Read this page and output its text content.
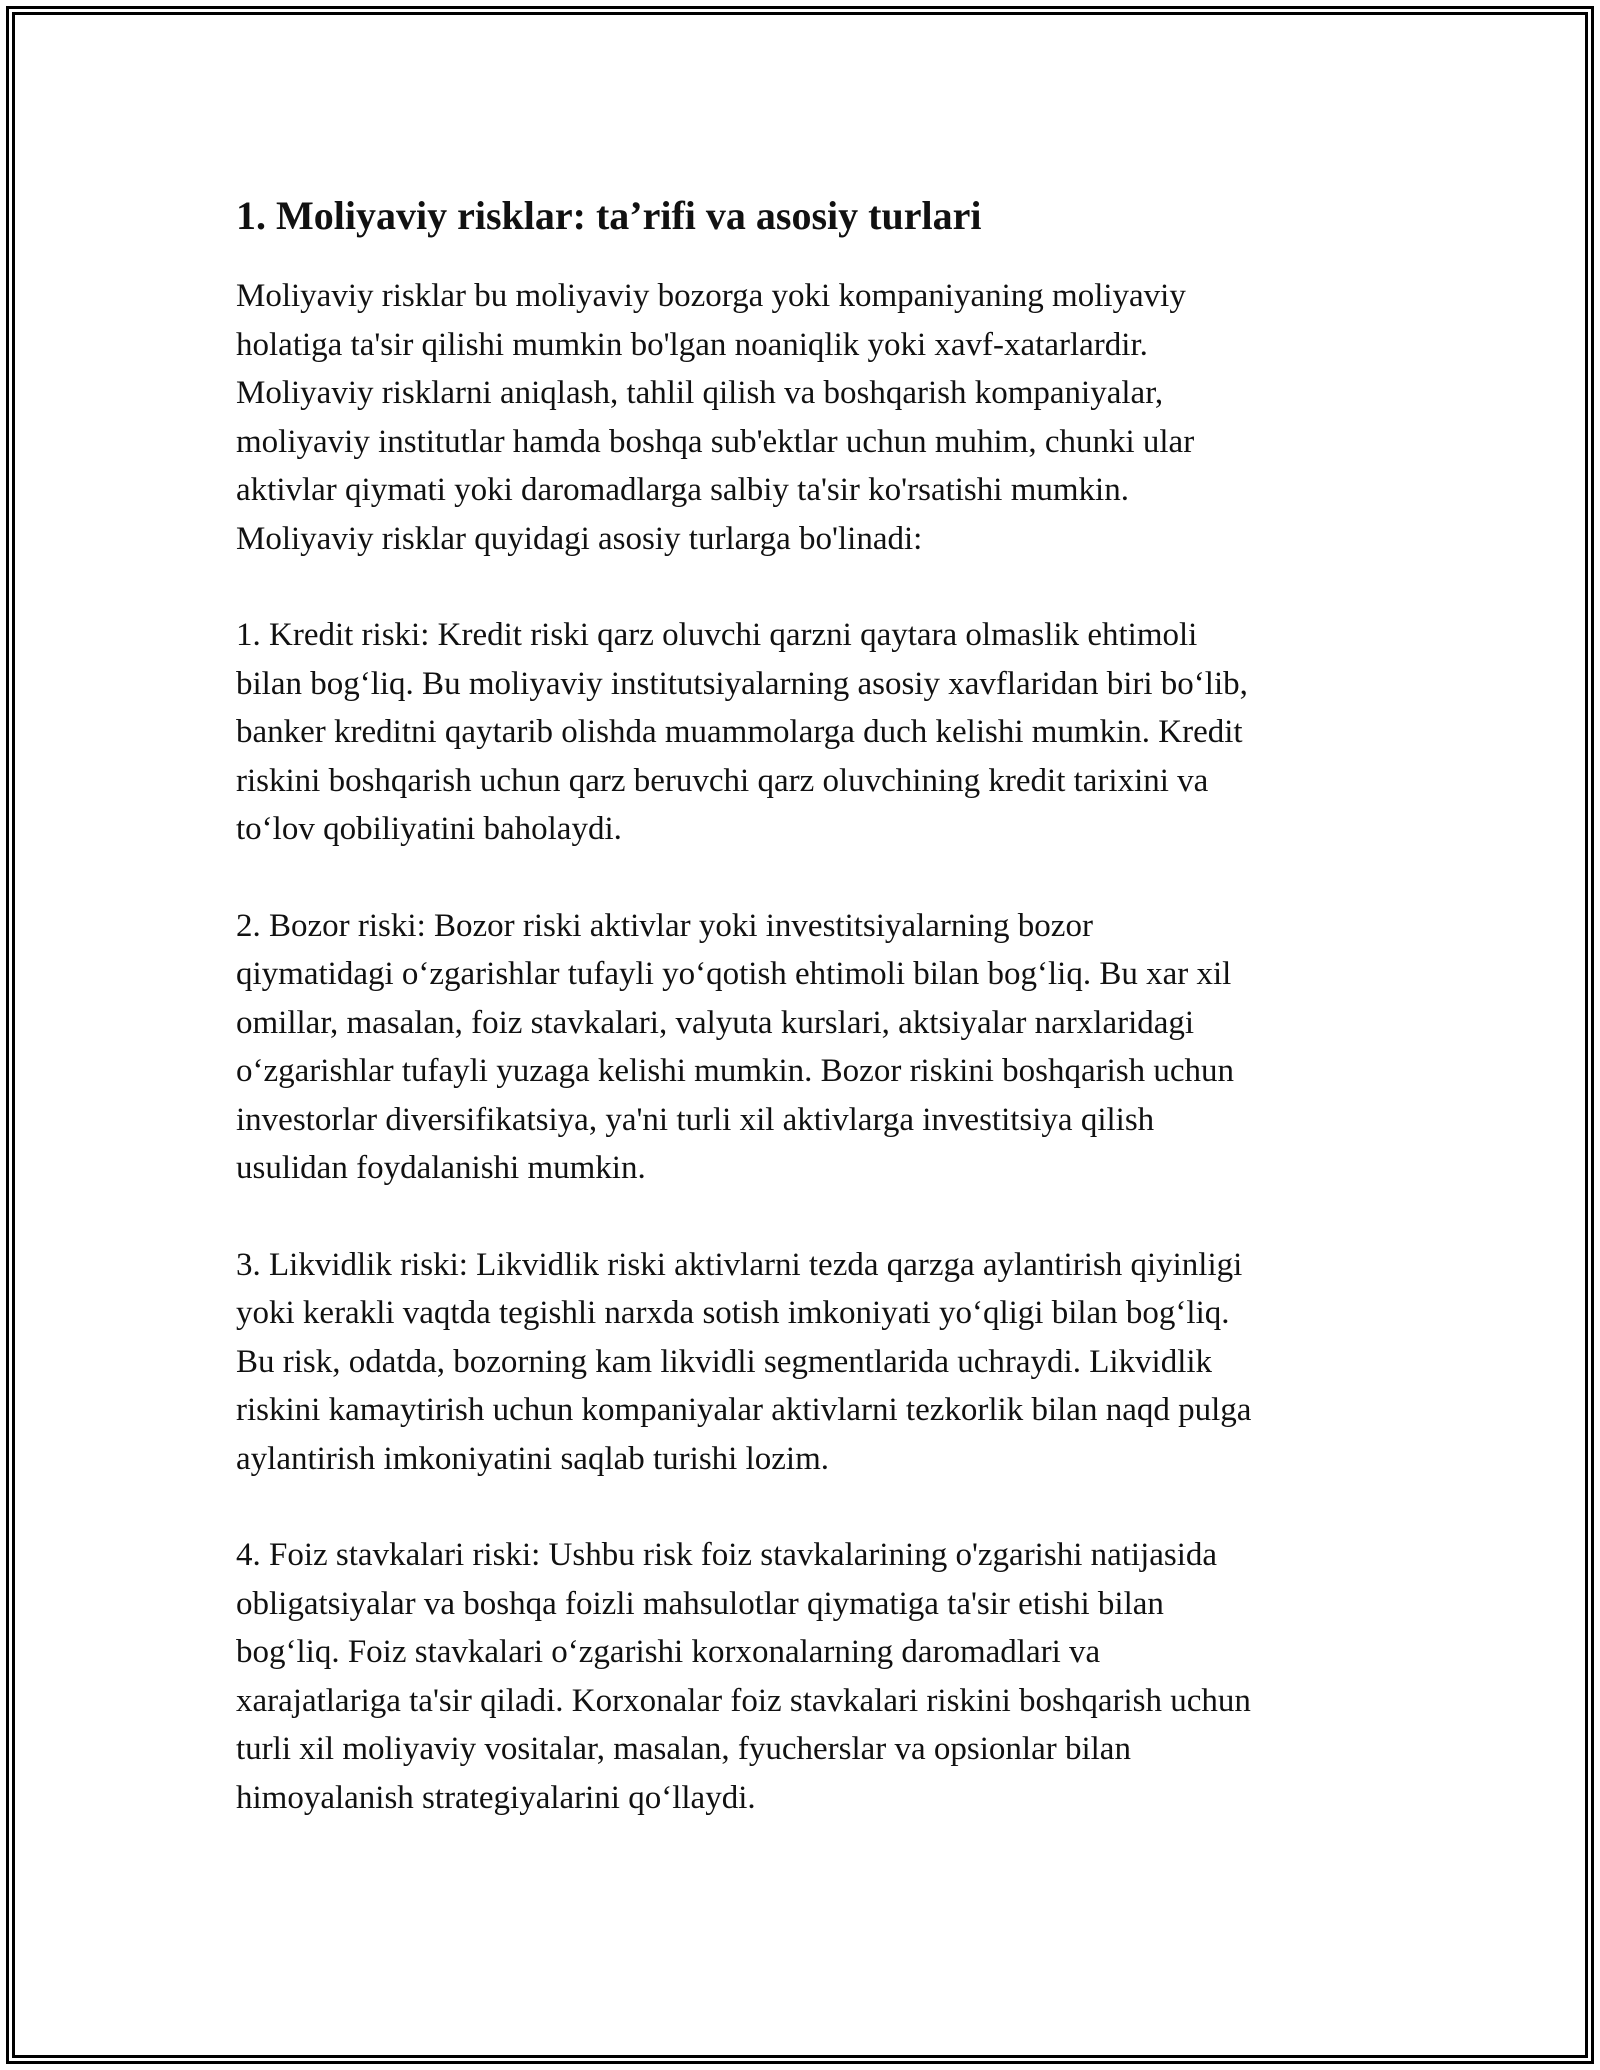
1. Moliyaviy risklar: ta’rifi va asosiy turlari

Moliyaviy risklar bu moliyaviy bozorga yoki kompaniyaning moliyaviy
holatiga ta'sir qilishi mumkin bo'lgan noaniqlik yoki xavf-xatarlardir.
Moliyaviy risklarni aniqlash, tahlil qilish va boshqarish kompaniyalar,
moliyaviy institutlar hamda boshqa sub'ektlar uchun muhim, chunki ular
aktivlar qiymati yoki daromadlarga salbiy ta'sir ko'rsatishi mumkin.
Moliyaviy risklar quyidagi asosiy turlarga bo'linadi:

1. Kredit riski: Kredit riski qarz oluvchi qarzni qaytara olmaslik ehtimoli
bilan bog‘liq. Bu moliyaviy institutsiyalarning asosiy xavflaridan biri bo‘lib,
banker kreditni qaytarib olishda muammolarga duch kelishi mumkin. Kredit
riskini boshqarish uchun qarz beruvchi qarz oluvchining kredit tarixini va
to‘lov qobiliyatini baholaydi.

2. Bozor riski: Bozor riski aktivlar yoki investitsiyalarning bozor
qiymatidagi o‘zgarishlar tufayli yo‘qotish ehtimoli bilan bog‘liq. Bu xar xil
omillar, masalan, foiz stavkalari, valyuta kurslari, aktsiyalar narxlaridagi
o‘zgarishlar tufayli yuzaga kelishi mumkin. Bozor riskini boshqarish uchun
investorlar diversifikatsiya, ya'ni turli xil aktivlarga investitsiya qilish
usulidan foydalanishi mumkin.

3. Likvidlik riski: Likvidlik riski aktivlarni tezda qarzga aylantirish qiyinligi
yoki kerakli vaqtda tegishli narxda sotish imkoniyati yo‘qligi bilan bog‘liq.
Bu risk, odatda, bozorning kam likvidli segmentlarida uchraydi. Likvidlik
riskini kamaytirish uchun kompaniyalar aktivlarni tezkorlik bilan naqd pulga
aylantirish imkoniyatini saqlab turishi lozim.

4. Foiz stavkalari riski: Ushbu risk foiz stavkalarining o'zgarishi natijasida
obligatsiyalar va boshqa foizli mahsulotlar qiymatiga ta'sir etishi bilan
bog‘liq. Foiz stavkalari o‘zgarishi korxonalarning daromadlari va
xarajatlariga ta'sir qiladi. Korxonalar foiz stavkalari riskini boshqarish uchun
turli xil moliyaviy vositalar, masalan, fyucherslar va opsionlar bilan
himoyalanish strategiyalarini qo‘llaydi.
